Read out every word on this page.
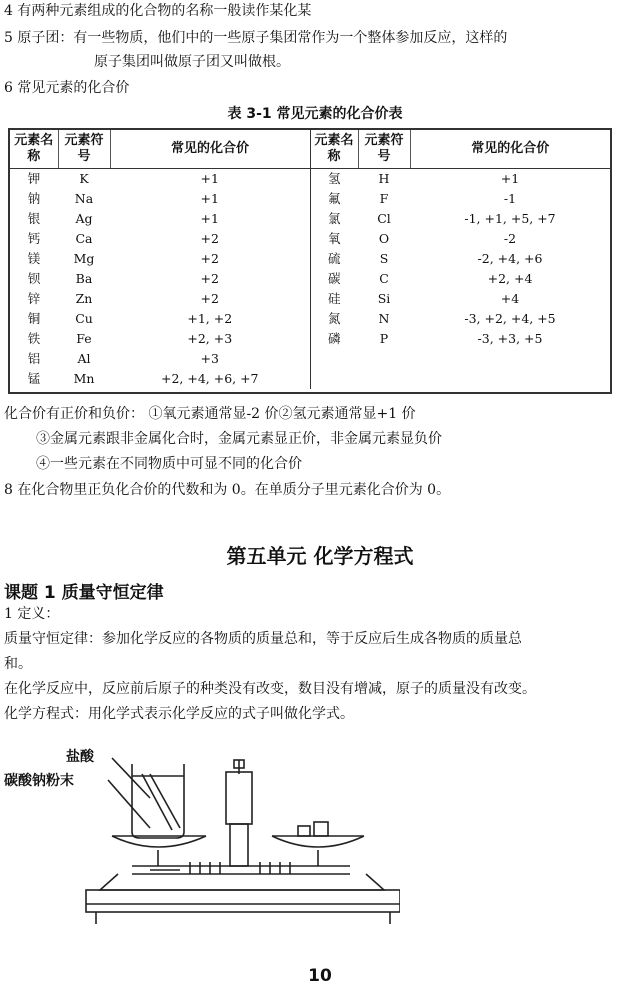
4 有两种元素组成的化合物的名称一般读作某化某
5 原子团：有一些物质，他们中的一些原子集团常作为一个整体参加反应，这样的
原子集团叫做原子团又叫做根。
6 常见元素的化合价
表 3-1 常见元素的化合价表
元素名称	元素符号	常见的化合价	元素名称	元素符号	常见的化合价
钾	K	+1	氢	H	+1
钠	Na	+1	氟	F	-1
银	Ag	+1	氯	Cl	-1, +1, +5, +7
钙	Ca	+2	氧	O	-2
镁	Mg	+2	硫	S	-2, +4, +6
钡	Ba	+2	碳	C	+2, +4
锌	Zn	+2	硅	Si	+4
铜	Cu	+1, +2	氮	N	-3, +2, +4, +5
铁	Fe	+2, +3	磷	P	-3, +3, +5
铝	Al	+3			
锰	Mn	+2, +4, +6, +7			
化合价有正价和负价： ①氧元素通常显-2 价②氢元素通常显+1 价
③金属元素跟非金属化合时，金属元素显正价，非金属元素显负价
④一些元素在不同物质中可显不同的化合价
8 在化合物里正负化合价的代数和为 0。在单质分子里元素化合价为 0。
第五单元 化学方程式
课题 1 质量守恒定律
1 定义：
质量守恒定律：参加化学反应的各物质的质量总和，等于反应后生成各物质的质量总
和。
在化学反应中，反应前后原子的种类没有改变，数目没有增减，原子的质量没有改变。
化学方程式：用化学式表示化学反应的式子叫做化学式。
盐酸
碳酸钠粉末
10
